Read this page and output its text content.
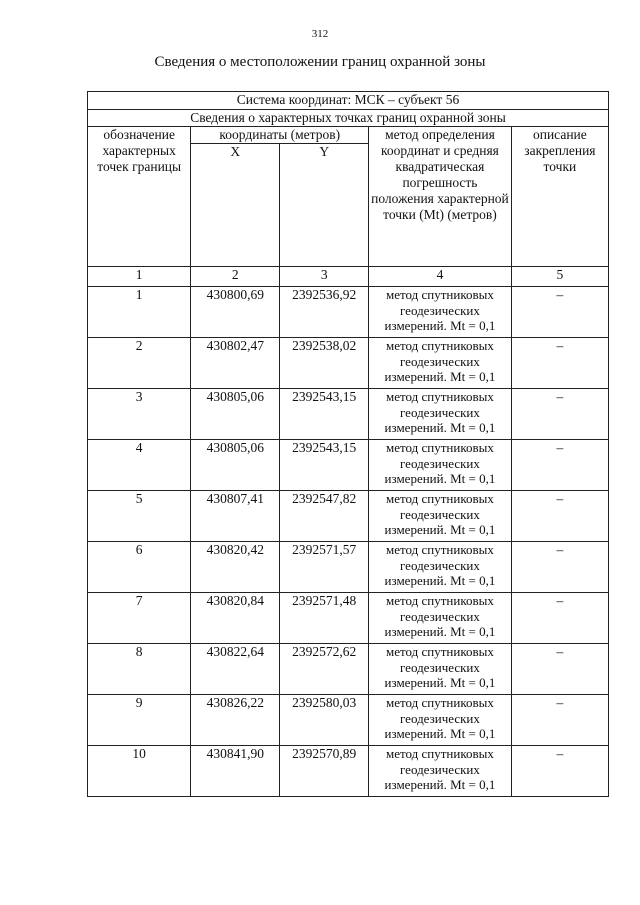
312
Сведения о местоположении границ охранной зоны
Система координат: МСК – субъект 56				
Сведения о характерных точках границ охранной зоны				
обозначение характерных точек границы	координаты (метров)		метод определения координат и средняя квадратическая погрешность положения характерной точки (Mt) (метров)	описание закрепления точки
	X	Y		
1	2	3	4	5
1	430800,69	2392536,92	метод спутниковых геодезических измерений. Mt = 0,1	–
2	430802,47	2392538,02	метод спутниковых геодезических измерений. Mt = 0,1	–
3	430805,06	2392543,15	метод спутниковых геодезических измерений. Mt = 0,1	–
4	430805,06	2392543,15	метод спутниковых геодезических измерений. Mt = 0,1	–
5	430807,41	2392547,82	метод спутниковых геодезических измерений. Mt = 0,1	–
6	430820,42	2392571,57	метод спутниковых геодезических измерений. Mt = 0,1	–
7	430820,84	2392571,48	метод спутниковых геодезических измерений. Mt = 0,1	–
8	430822,64	2392572,62	метод спутниковых геодезических измерений. Mt = 0,1	–
9	430826,22	2392580,03	метод спутниковых геодезических измерений. Mt = 0,1	–
10	430841,90	2392570,89	метод спутниковых геодезических измерений. Mt = 0,1	–
